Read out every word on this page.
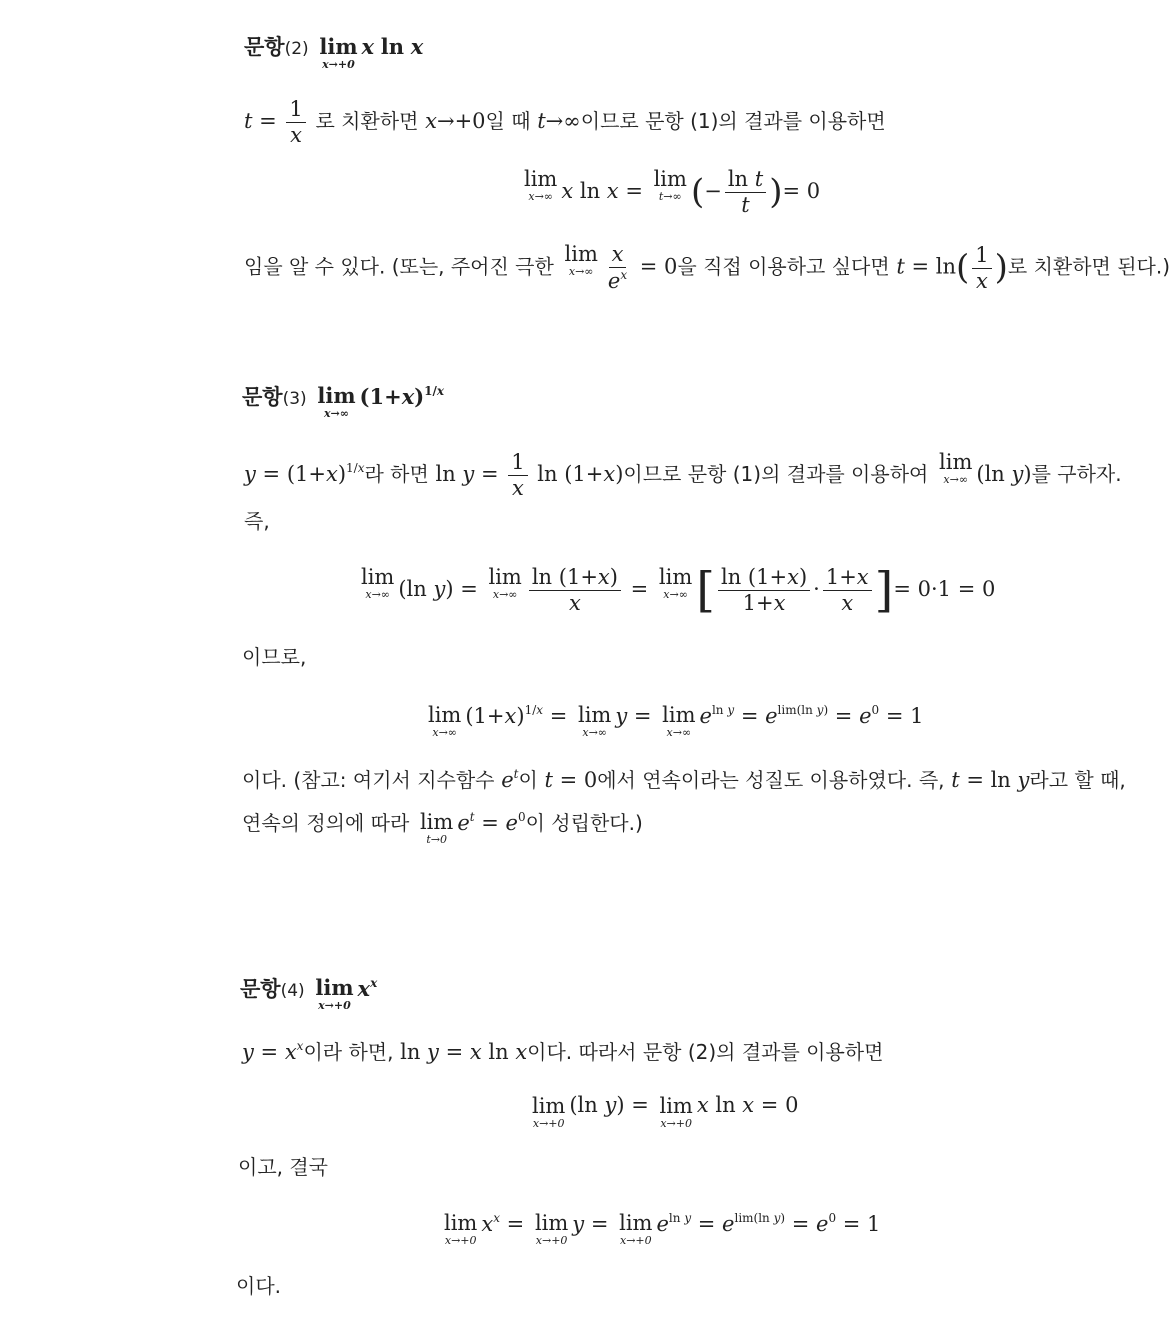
문항(2) lim
x→+0
x ln x
$t = \frac{1}{x}$ 로 치환하면 x→+0일 때 t→∞이므로 문항 (1)의 결과를 이용하면
lim
x→∞ x ln x =
lim
t→∞ (− $\frac{\text{ln t}}{t}$ )= 0
임을 알 수 있다. (또는, 주어진 극한
lim
$x\to\infty \frac{x}{e^x} = 0$을 직접 이용하고 싶다면 $t = \ln( \frac{1}{x}$ )로 치환하면 된다.)
문항(3) lim
x→∞
$(1+x)^{1/x}$
$y = (1+x)^{1/x}$라 하면 $\ln y = \frac{1}{x}$ ln (1+x)이므로 문항 (1)의 결과를 이용하여
lim
x→∞ (ln y)를 구하자.
즉,
lim
x→∞ (ln y) =
lim
$x\to\infty \frac{\ln (1+x)}{x}$ =
lim
x→∞ [ $\frac{\ln (1+x)}{1+x} \cdot \frac{1+x}{x}$ ]= 0·1 = 0
이므로,
lim
x→∞
$(1+x)^{1/x} = \lim$
x→∞
y = lim
x→∞
$e^{ln y} = e^{lim(ln y)} = e^0 = 1$
이다. (참고: 여기서 지수함수 $e^t$이 t = 0에서 연속이라는 성질도 이용하였다. 즉, t = ln y라고 할 때,
연속의 정의에 따라 lim
t→0
$e^t = e^0$이 성립한다.)
문항(4) lim
x→+0
$x^x$
$y = x^x$이라 하면, ln y = x ln x이다. 따라서 문항 (2)의 결과를 이용하면
lim
x→+0
(ln y) = lim
x→+0
x ln x = 0
이고, 결국
lim
x→+0
$x^x = \lim$
x→+0
y = lim
x→+0
$e^{ln y} = e^{lim(ln y)} = e^0 = 1$
이다.
